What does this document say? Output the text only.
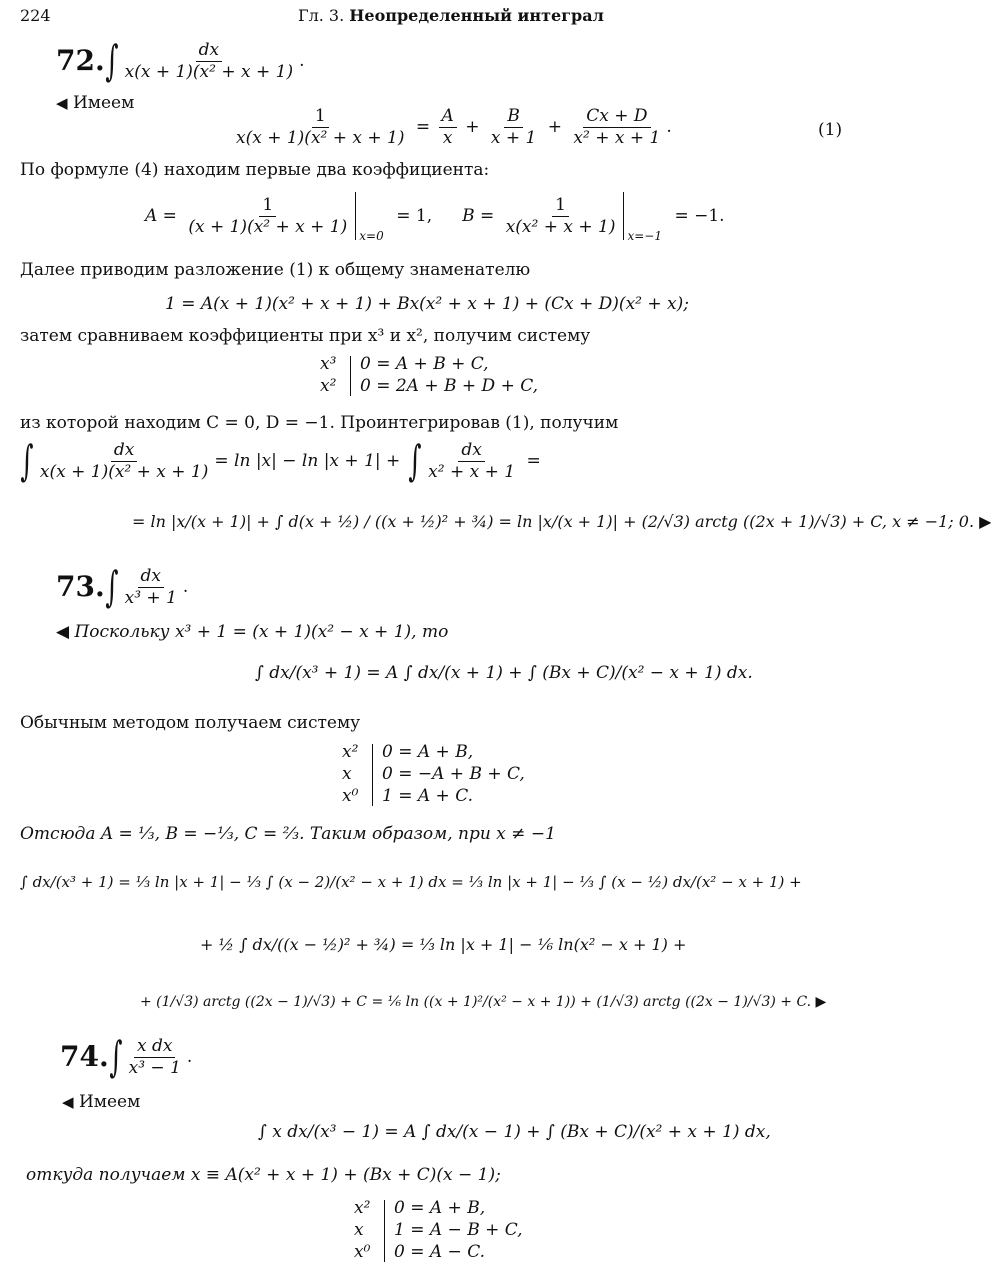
224	Гл. 3. Неопределенный интеграл
72. ∫ $\frac{dx}{\text{x(x + 1)(x² + x + 1)}}$ .
◀ Имеем
$\frac{1}{\text{x(x + 1)(x² + x + 1)}} = \frac{A}{x} + \frac{B}{x + 1} + \frac{Cx + D}{\text{x² + x + 1}}$ .	(1)
По формуле (4) находим первые два коэффициента:
$A = \frac{1}{\text{(x + 1)(x² + x + 1)}}$
x=0
= 1, $B = \frac{1}{\text{x(x² + x + 1)}}$
x=−1
= −1.
Далее приводим разложение (1) к общему знаменателю
1 = A(x + 1)(x² + x + 1) + Bx(x² + x + 1) + (Cx + D)(x² + x);
затем сравниваем коэффициенты при x³ и x², получим систему
x³
x²
0 = A + B + C,
0 = 2A + B + D + C,
из которой находим C = 0, D = −1. Проинтегрировав (1), получим
∫ $\frac{dx}{\text{x(x + 1)(x² + x + 1)}} = \ln |x| - \ln |x + 1|$ + ∫ $\frac{dx}{\text{x² + x + 1}}$ =
= ln |x/(x + 1)| + ∫ d(x + ½) / ((x + ½)² + ¾) = ln |x/(x + 1)| + (2/√3) arctg ((2x + 1)/√3) + C, x ≠ −1; 0. ▶
73. ∫ $\frac{dx}{\text{x³ + 1}}$ .
◀ Поскольку x³ + 1 = (x + 1)(x² − x + 1), то
∫ dx/(x³ + 1) = A ∫ dx/(x + 1) + ∫ (Bx + C)/(x² − x + 1) dx.
Обычным методом получаем систему
x²
x
x⁰
0 = A + B,
0 = −A + B + C,
1 = A + C.
Отсюда A = ⅓, B = −⅓, C = ⅔. Таким образом, при x ≠ −1
∫ dx/(x³ + 1) = ⅓ ln |x + 1| − ⅓ ∫ (x − 2)/(x² − x + 1) dx = ⅓ ln |x + 1| − ⅓ ∫ (x − ½) dx/(x² − x + 1) +
+ ½ ∫ dx/((x − ½)² + ¾) = ⅓ ln |x + 1| − ⅙ ln(x² − x + 1) +
+ (1/√3) arctg ((2x − 1)/√3) + C = ⅙ ln ((x + 1)²/(x² − x + 1)) + (1/√3) arctg ((2x − 1)/√3) + C. ▶
74. ∫ $\frac{\text{x dx}}{\text{x³ − 1}}$ .
◀ Имеем
∫ x dx/(x³ − 1) = A ∫ dx/(x − 1) + ∫ (Bx + C)/(x² + x + 1) dx,
откуда получаем x ≡ A(x² + x + 1) + (Bx + C)(x − 1);
x²
x
x⁰
0 = A + B,
1 = A − B + C,
0 = A − C.
